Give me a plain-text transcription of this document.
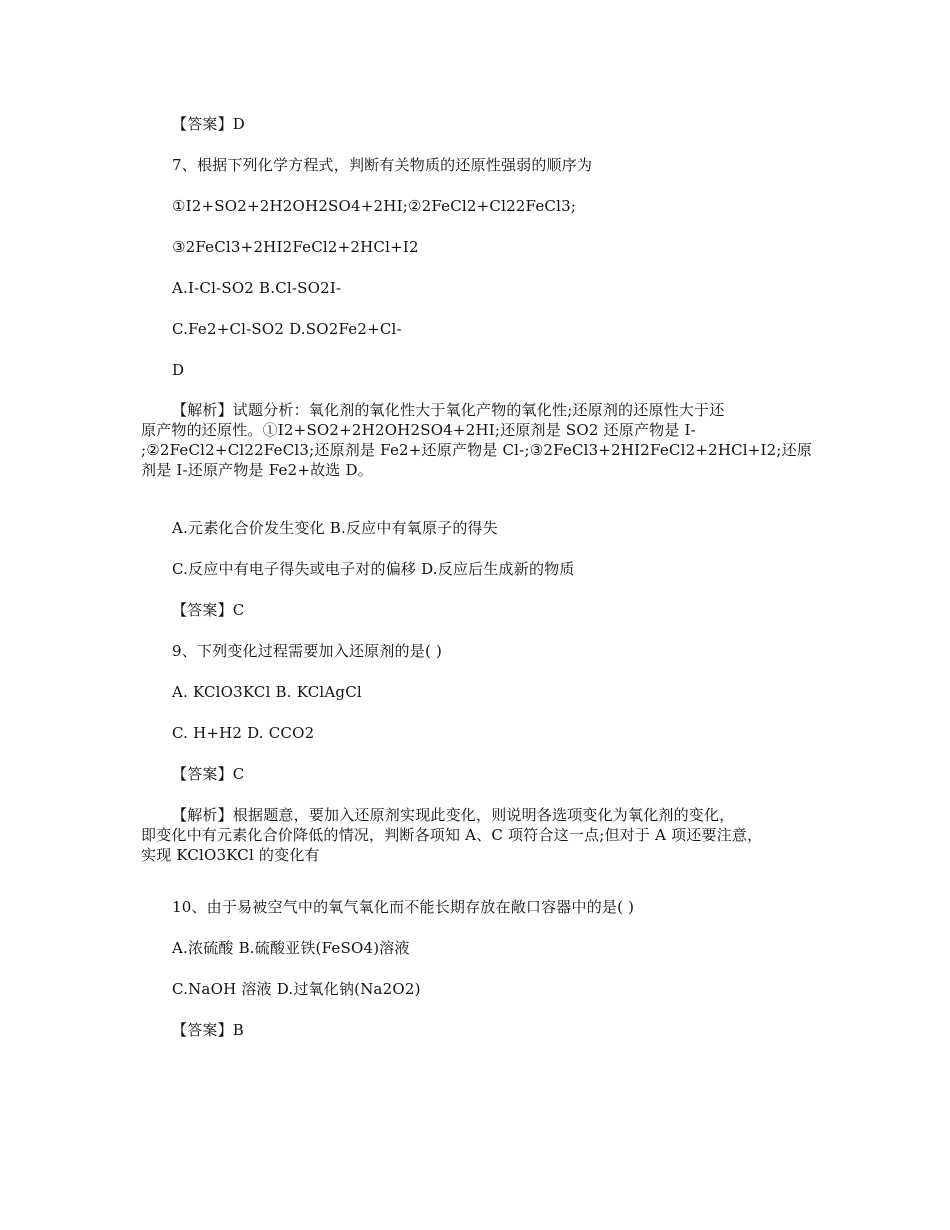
【答案】D
7、根据下列化学方程式，判断有关物质的还原性强弱的顺序为
①I2+SO2+2H2OH2SO4+2HI;②2FeCl2+Cl22FeCl3;
③2FeCl3+2HI2FeCl2+2HCl+I2
A.I-Cl-SO2 B.Cl-SO2I-
C.Fe2+Cl-SO2 D.SO2Fe2+Cl-
D
【解析】试题分析：氧化剂的氧化性大于氧化产物的氧化性;还原剂的还原性大于还
原产物的还原性。①I2+SO2+2H2OH2SO4+2HI;还原剂是 SO2 还原产物是 I-
;②2FeCl2+Cl22FeCl3;还原剂是 Fe2+还原产物是 Cl-;③2FeCl3+2HI2FeCl2+2HCl+I2;还原
剂是 I-还原产物是 Fe2+故选 D。
A.元素化合价发生变化 B.反应中有氧原子的得失
C.反应中有电子得失或电子对的偏移 D.反应后生成新的物质
【答案】C
9、下列变化过程需要加入还原剂的是( )
A. KClO3KCl B. KClAgCl
C. H+H2 D. CCO2
【答案】C
【解析】根据题意，要加入还原剂实现此变化，则说明各选项变化为氧化剂的变化，
即变化中有元素化合价降低的情况，判断各项知 A、C 项符合这一点;但对于 A 项还要注意，
实现 KClO3KCl 的变化有
10、由于易被空气中的氧气氧化而不能长期存放在敞口容器中的是( )
A.浓硫酸 B.硫酸亚铁(FeSO4)溶液
C.NaOH 溶液 D.过氧化钠(Na2O2)
【答案】B
